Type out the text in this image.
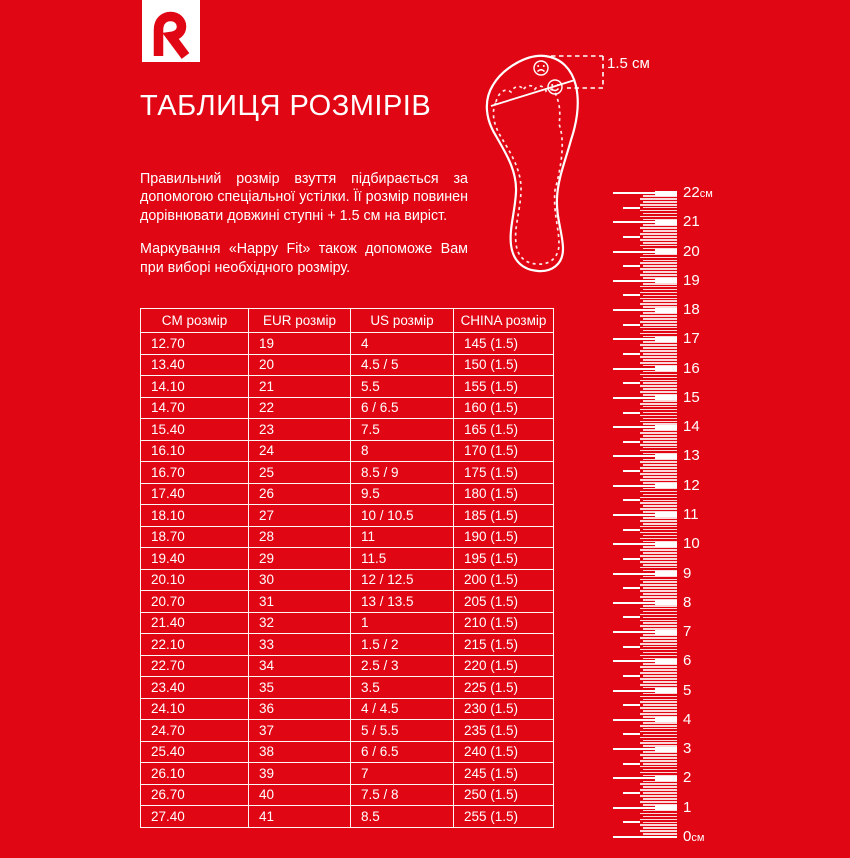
ТАБЛИЦЯ РОЗМІРІВ

Правильний розмір взуття підбирається за допомогою спеціальної устілки. Її розмір повинен дорівнювати довжині ступні + 1.5 см на виріст.

Маркування «Happy Fit» також допоможе Вам при виборі необхідного розміру.

1.5 см
22см
21
20
19
18
17
16
15
14
13
12
11
10
9
8
7
6
5
4
3
2
1
0см
CM розмір	EUR розмір	US розмір	CHINA розмір
12.70	19	4	145 (1.5)
13.40	20	4.5 / 5	150 (1.5)
14.10	21	5.5	155 (1.5)
14.70	22	6 / 6.5	160 (1.5)
15.40	23	7.5	165 (1.5)
16.10	24	8	170 (1.5)
16.70	25	8.5 / 9	175 (1.5)
17.40	26	9.5	180 (1.5)
18.10	27	10 / 10.5	185 (1.5)
18.70	28	11	190 (1.5)
19.40	29	11.5	195 (1.5)
20.10	30	12 / 12.5	200 (1.5)
20.70	31	13 / 13.5	205 (1.5)
21.40	32	1	210 (1.5)
22.10	33	1.5 / 2	215 (1.5)
22.70	34	2.5 / 3	220 (1.5)
23.40	35	3.5	225 (1.5)
24.10	36	4 / 4.5	230 (1.5)
24.70	37	5 / 5.5	235 (1.5)
25.40	38	6 / 6.5	240 (1.5)
26.10	39	7	245 (1.5)
26.70	40	7.5 / 8	250 (1.5)
27.40	41	8.5	255 (1.5)
